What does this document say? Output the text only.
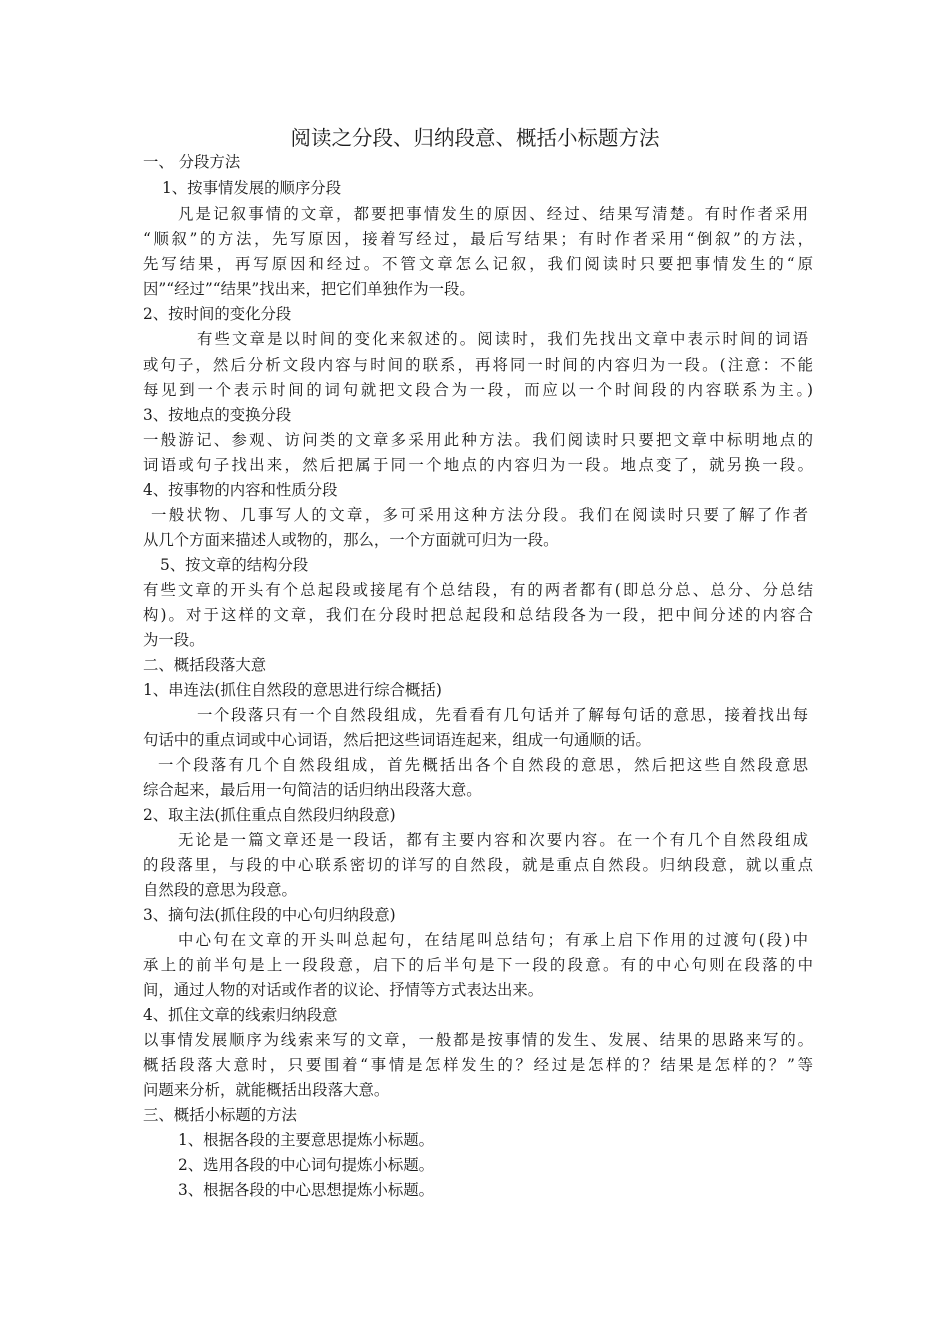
阅读之分段、归纳段意、概括小标题方法
一、 分段方法
1、按事情发展的顺序分段
凡是记叙事情的文章，都要把事情发生的原因、经过、结果写清楚。有时作者采用
“顺叙”的方法，先写原因，接着写经过，最后写结果；有时作者采用“倒叙”的方法，
先写结果，再写原因和经过。不管文章怎么记叙，我们阅读时只要把事情发生的“原
因”“经过”“结果”找出来，把它们单独作为一段。
2、按时间的变化分段
有些文章是以时间的变化来叙述的。阅读时，我们先找出文章中表示时间的词语
或句子，然后分析文段内容与时间的联系，再将同一时间的内容归为一段。(注意：不能
每见到一个表示时间的词句就把文段合为一段，而应以一个时间段的内容联系为主。)
3、按地点的变换分段
一般游记、参观、访问类的文章多采用此种方法。我们阅读时只要把文章中标明地点的
词语或句子找出来，然后把属于同一个地点的内容归为一段。地点变了，就另换一段。
4、按事物的内容和性质分段
一般状物、几事写人的文章，多可采用这种方法分段。我们在阅读时只要了解了作者
从几个方面来描述人或物的，那么，一个方面就可归为一段。
5、按文章的结构分段
有些文章的开头有个总起段或接尾有个总结段，有的两者都有(即总分总、总分、分总结
构)。对于这样的文章，我们在分段时把总起段和总结段各为一段，把中间分述的内容合
为一段。
二、概括段落大意
1、串连法(抓住自然段的意思进行综合概括)
一个段落只有一个自然段组成，先看看有几句话并了解每句话的意思，接着找出每
句话中的重点词或中心词语，然后把这些词语连起来，组成一句通顺的话。
一个段落有几个自然段组成，首先概括出各个自然段的意思，然后把这些自然段意思
综合起来，最后用一句简洁的话归纳出段落大意。
2、取主法(抓住重点自然段归纳段意)
无论是一篇文章还是一段话，都有主要内容和次要内容。在一个有几个自然段组成
的段落里，与段的中心联系密切的详写的自然段，就是重点自然段。归纳段意，就以重点
自然段的意思为段意。
3、摘句法(抓住段的中心句归纳段意)
中心句在文章的开头叫总起句，在结尾叫总结句；有承上启下作用的过渡句(段)中
承上的前半句是上一段段意，启下的后半句是下一段的段意。有的中心句则在段落的中
间，通过人物的对话或作者的议论、抒情等方式表达出来。
4、抓住文章的线索归纳段意
以事情发展顺序为线索来写的文章，一般都是按事情的发生、发展、结果的思路来写的。
概括段落大意时，只要围着“事情是怎样发生的？经过是怎样的？结果是怎样的？”等
问题来分析，就能概括出段落大意。
三、概括小标题的方法
1、根据各段的主要意思提炼小标题。
2、选用各段的中心词句提炼小标题。
3、根据各段的中心思想提炼小标题。
